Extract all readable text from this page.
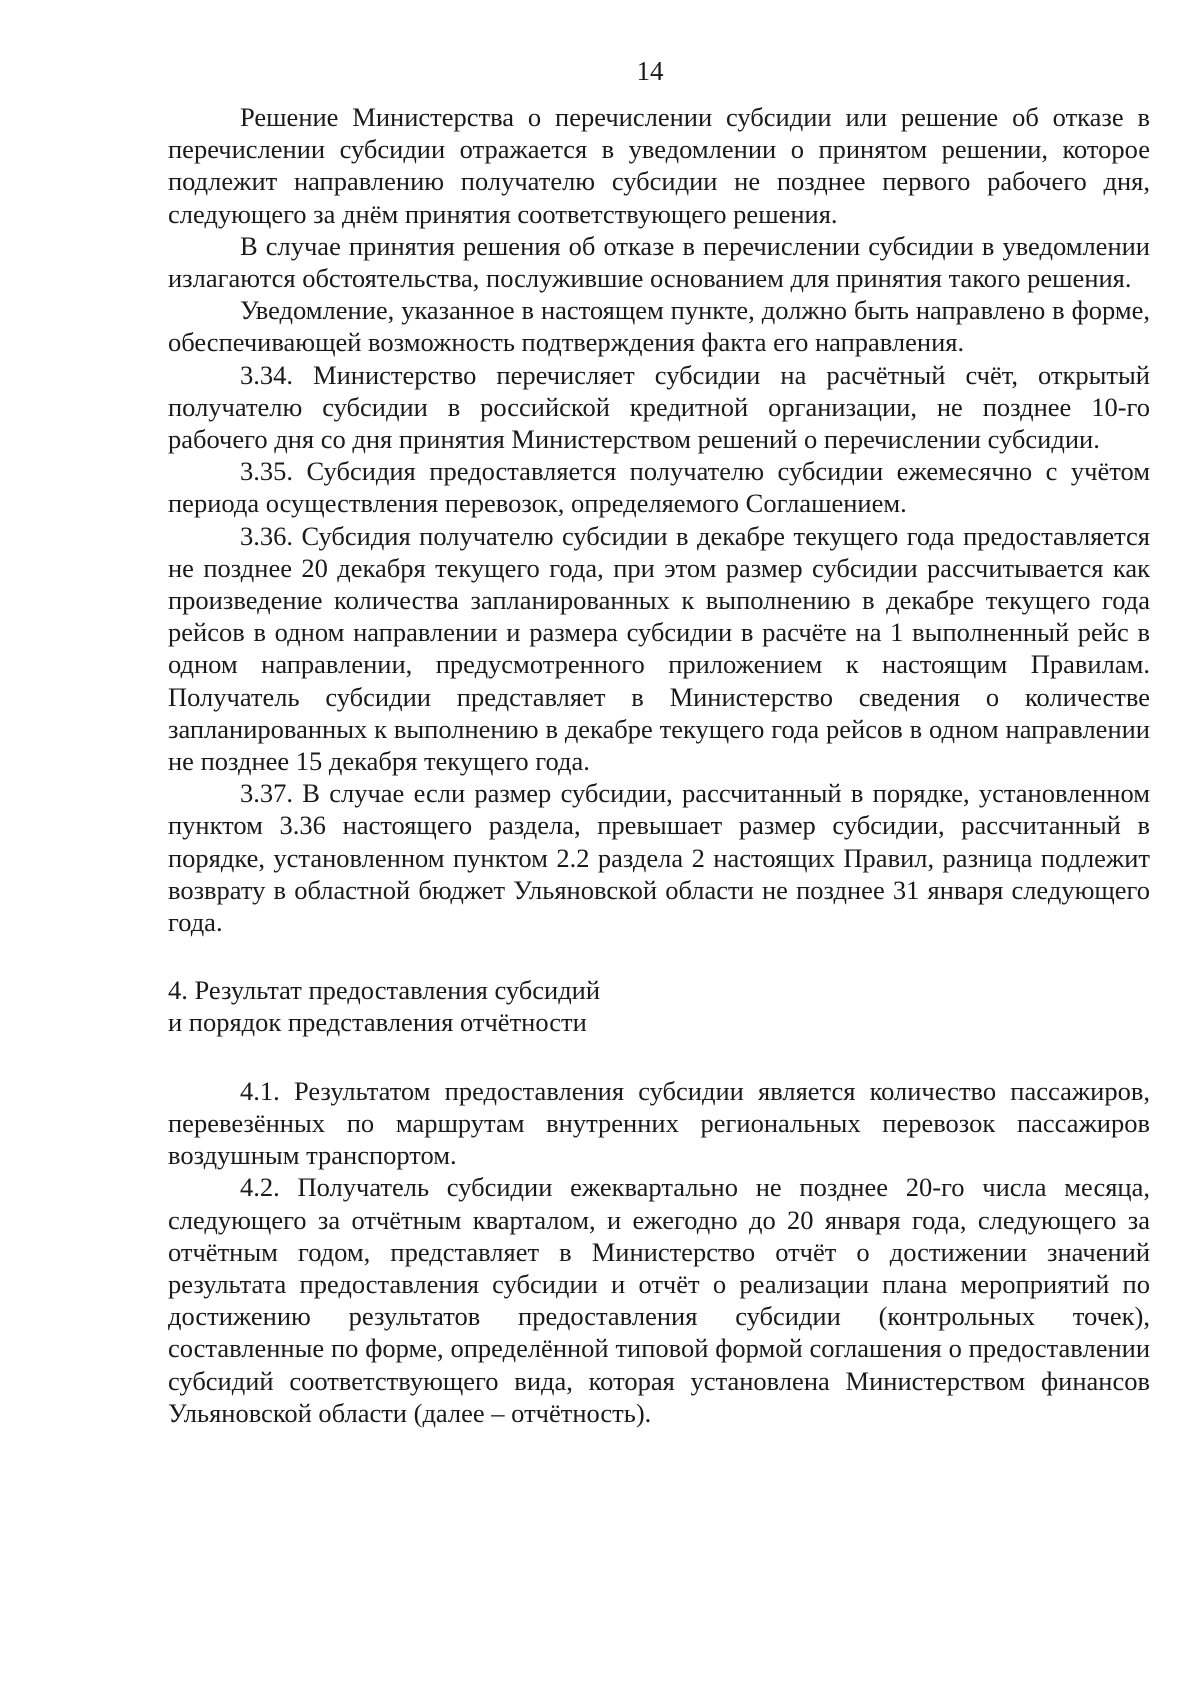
14

Решение Министерства о перечислении субсидии или решение об отказе в перечислении субсидии отражается в уведомлении о принятом решении, которое подлежит направлению получателю субсидии не позднее первого рабочего дня, следующего за днём принятия соответствующего решения.

В случае принятия решения об отказе в перечислении субсидии в уведомлении излагаются обстоятельства, послужившие основанием для принятия такого решения.

Уведомление, указанное в настоящем пункте, должно быть направлено в форме, обеспечивающей возможность подтверждения факта его направления.

3.34. Министерство перечисляет субсидии на расчётный счёт, открытый получателю субсидии в российской кредитной организации, не позднее 10-го рабочего дня со дня принятия Министерством решений о перечислении субсидии.

3.35. Субсидия предоставляется получателю субсидии ежемесячно с учётом периода осуществления перевозок, определяемого Соглашением.

3.36. Субсидия получателю субсидии в декабре текущего года предоставляется не позднее 20 декабря текущего года, при этом размер субсидии рассчитывается как произведение количества запланированных к выполнению в декабре текущего года рейсов в одном направлении и размера субсидии в расчёте на 1 выполненный рейс в одном направлении, предусмотренного приложением к настоящим Правилам. Получатель субсидии представляет в Министерство сведения о количестве запланированных к выполнению в декабре текущего года рейсов в одном направлении не позднее 15 декабря текущего года.

3.37. В случае если размер субсидии, рассчитанный в порядке, установленном пунктом 3.36 настоящего раздела, превышает размер субсидии, рассчитанный в порядке, установленном пунктом 2.2 раздела 2 настоящих Правил, разница подлежит возврату в областной бюджет Ульяновской области не позднее 31 января следующего года.

4. Результат предоставления субсидий

и порядок представления отчётности

4.1. Результатом предоставления субсидии является количество пассажиров, перевезённых по маршрутам внутренних региональных перевозок пассажиров воздушным транспортом.

4.2. Получатель субсидии ежеквартально не позднее 20-го числа месяца, следующего за отчётным кварталом, и ежегодно до 20 января года, следующего за отчётным годом, представляет в Министерство отчёт о достижении значений результата предоставления субсидии и отчёт о реализации плана мероприятий по достижению результатов предоставления субсидии (контрольных точек), составленные по форме, определённой типовой формой соглашения о предоставлении субсидий соответствующего вида, которая установлена Министерством финансов Ульяновской области (далее – отчётность).
